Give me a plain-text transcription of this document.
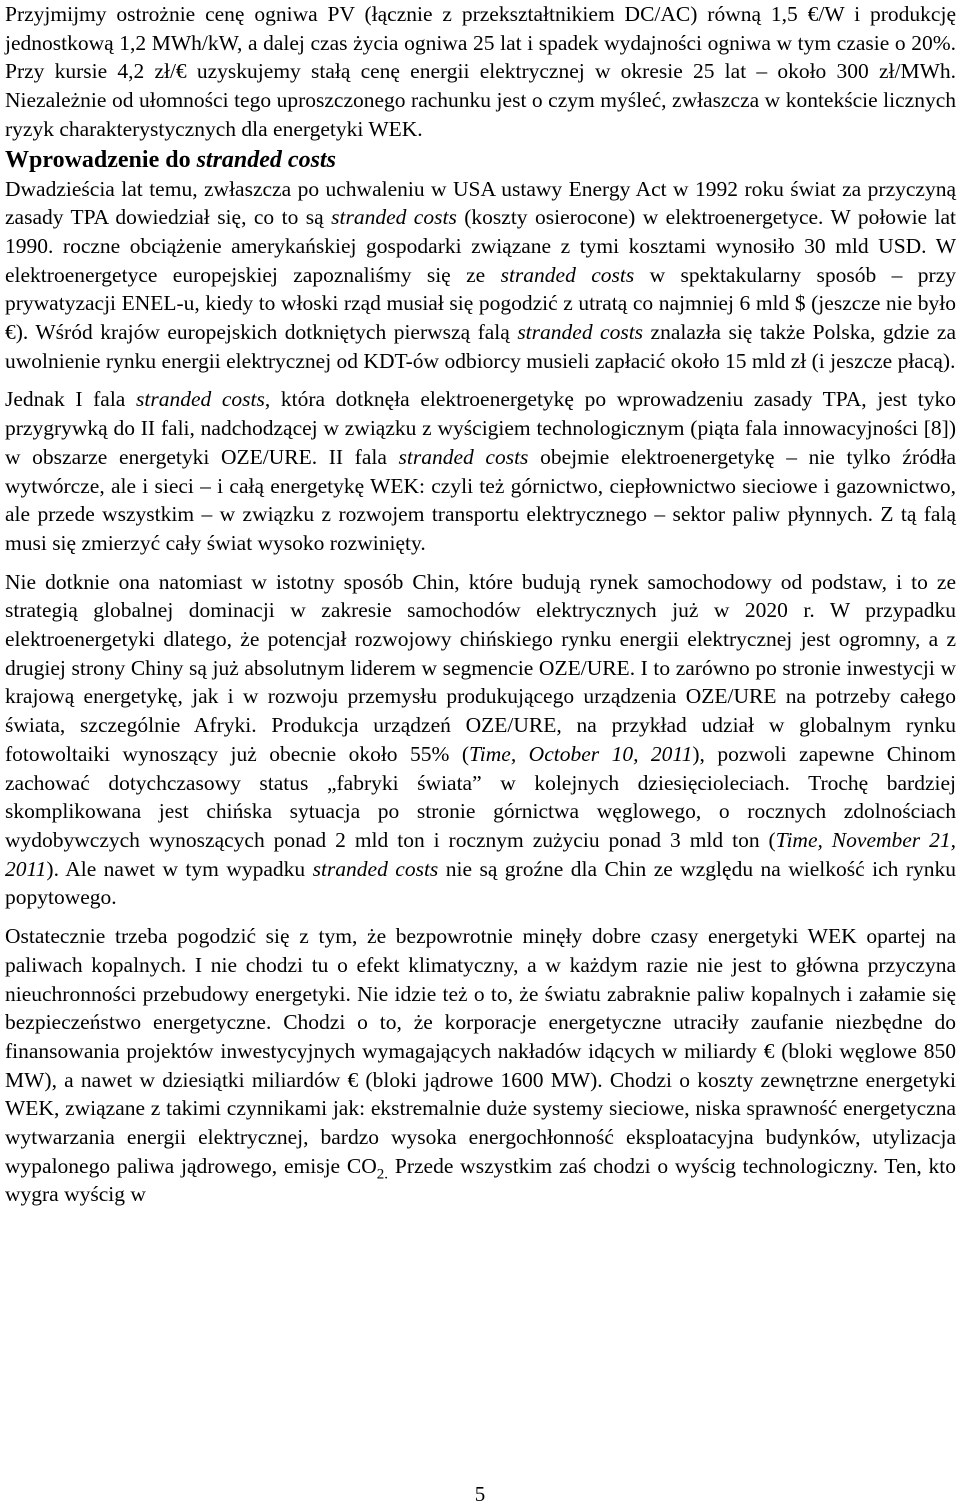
Przyjmijmy ostrożnie cenę ogniwa PV (łącznie z przekształtnikiem DC/AC) równą 1,5 €/W i produkcję jednostkową 1,2 MWh/kW, a dalej czas życia ogniwa 25 lat i spadek wydajności ogniwa w tym czasie o 20%. Przy kursie 4,2 zł/€ uzyskujemy stałą cenę energii elektrycznej w okresie 25 lat – około 300 zł/MWh. Niezależnie od ułomności tego uproszczonego rachunku jest o czym myśleć, zwłaszcza w kontekście licznych ryzyk charakterystycznych dla energetyki WEK.

Wprowadzenie do stranded costs

Dwadzieścia lat temu, zwłaszcza po uchwaleniu w USA ustawy Energy Act w 1992 roku świat za przyczyną zasady TPA dowiedział się, co to są stranded costs (koszty osierocone) w elektroenergetyce. W połowie lat 1990. roczne obciążenie amerykańskiej gospodarki związane z tymi kosztami wynosiło 30 mld USD. W elektroenergetyce europejskiej zapoznaliśmy się ze stranded costs w spektakularny sposób – przy prywatyzacji ENEL-u, kiedy to włoski rząd musiał się pogodzić z utratą co najmniej 6 mld $ (jeszcze nie było €). Wśród krajów europejskich dotkniętych pierwszą falą stranded costs znalazła się także Polska, gdzie za uwolnienie rynku energii elektrycznej od KDT-ów odbiorcy musieli zapłacić około 15 mld zł (i jeszcze płacą).

Jednak I fala stranded costs, która dotknęła elektroenergetykę po wprowadzeniu zasady TPA, jest tyko przygrywką do II fali, nadchodzącej w związku z wyścigiem technologicznym (piąta fala innowacyjności [8]) w obszarze energetyki OZE/URE. II fala stranded costs obejmie elektroenergetykę – nie tylko źródła wytwórcze, ale i sieci – i całą energetykę WEK: czyli też górnictwo, ciepłownictwo sieciowe i gazownictwo, ale przede wszystkim – w związku z rozwojem transportu elektrycznego – sektor paliw płynnych. Z tą falą musi się zmierzyć cały świat wysoko rozwinięty.

Nie dotknie ona natomiast w istotny sposób Chin, które budują rynek samochodowy od podstaw, i to ze strategią globalnej dominacji w zakresie samochodów elektrycznych już w 2020 r. W przypadku elektroenergetyki dlatego, że potencjał rozwojowy chińskiego rynku energii elektrycznej jest ogromny, a z drugiej strony Chiny są już absolutnym liderem w segmencie OZE/URE. I to zarówno po stronie inwestycji w krajową energetykę, jak i w rozwoju przemysłu produkującego urządzenia OZE/URE na potrzeby całego świata, szczególnie Afryki. Produkcja urządzeń OZE/URE, na przykład udział w globalnym rynku fotowoltaiki wynoszący już obecnie około 55% (Time, October 10, 2011), pozwoli zapewne Chinom zachować dotychczasowy status „fabryki świata” w kolejnych dziesięcioleciach. Trochę bardziej skomplikowana jest chińska sytuacja po stronie górnictwa węglowego, o rocznych zdolnościach wydobywczych wynoszących ponad 2 mld ton i rocznym zużyciu ponad 3 mld ton (Time, November 21, 2011). Ale nawet w tym wypadku stranded costs nie są groźne dla Chin ze względu na wielkość ich rynku popytowego.

Ostatecznie trzeba pogodzić się z tym, że bezpowrotnie minęły dobre czasy energetyki WEK opartej na paliwach kopalnych. I nie chodzi tu o efekt klimatyczny, a w każdym razie nie jest to główna przyczyna nieuchronności przebudowy energetyki. Nie idzie też o to, że światu zabraknie paliw kopalnych i załamie się bezpieczeństwo energetyczne. Chodzi o to, że korporacje energetyczne utraciły zaufanie niezbędne do finansowania projektów inwestycyjnych wymagających nakładów idących w miliardy € (bloki węglowe 850 MW), a nawet w dziesiątki miliardów € (bloki jądrowe 1600 MW). Chodzi o koszty zewnętrzne energetyki WEK, związane z takimi czynnikami jak: ekstremalnie duże systemy sieciowe, niska sprawność energetyczna wytwarzania energii elektrycznej, bardzo wysoka energochłonność eksploatacyjna budynków, utylizacja wypalonego paliwa jądrowego, emisje $CO_{2.}$ Przede wszystkim zaś chodzi o wyścig technologiczny. Ten, kto wygra wyścig w

5
